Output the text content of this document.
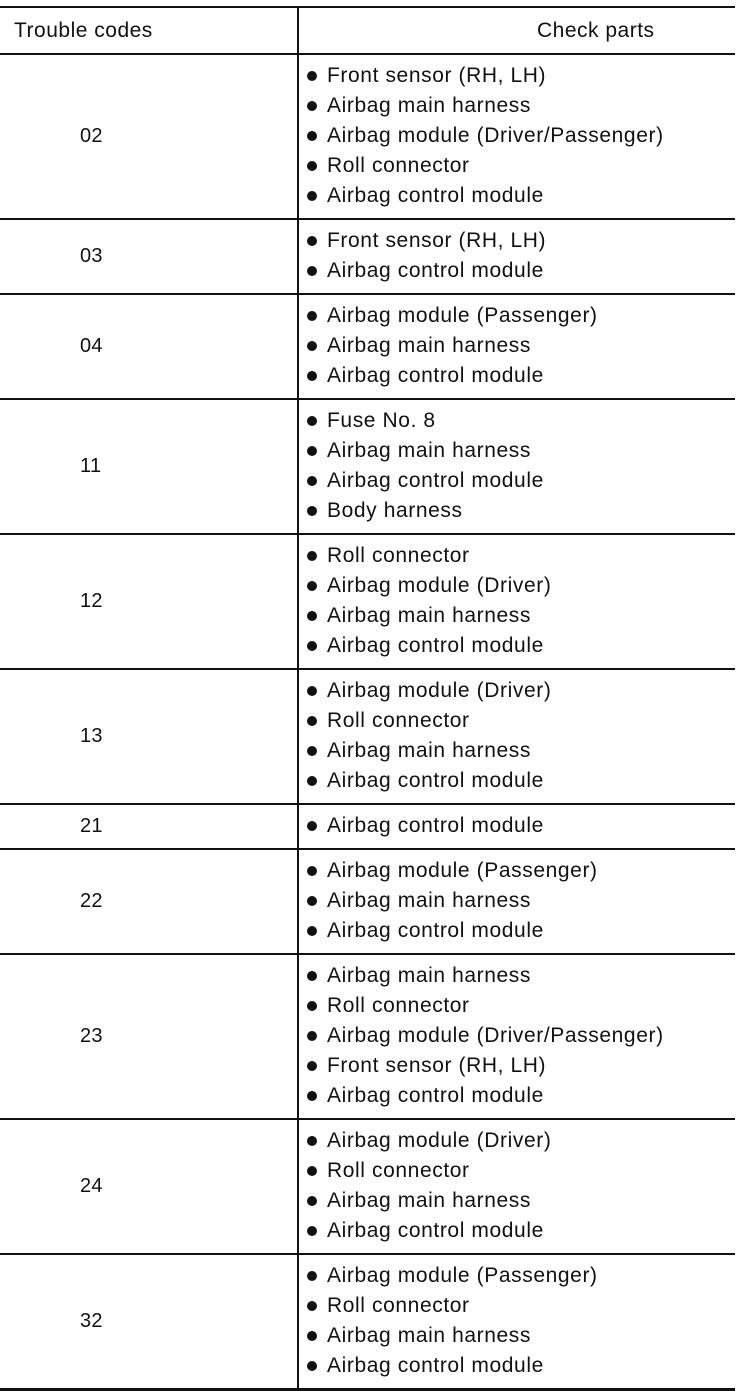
Trouble codes	Check parts
02
Front sensor (RH, LH)
Airbag main harness
Airbag module (Driver/Passenger)
Roll connector
Airbag control module
03
Front sensor (RH, LH)
Airbag control module
04
Airbag module (Passenger)
Airbag main harness
Airbag control module
11
Fuse No. 8
Airbag main harness
Airbag control module
Body harness
12
Roll connector
Airbag module (Driver)
Airbag main harness
Airbag control module
13
Airbag module (Driver)
Roll connector
Airbag main harness
Airbag control module
21	Airbag control module
22
Airbag module (Passenger)
Airbag main harness
Airbag control module
23
Airbag main harness
Roll connector
Airbag module (Driver/Passenger)
Front sensor (RH, LH)
Airbag control module
24
Airbag module (Driver)
Roll connector
Airbag main harness
Airbag control module
32
Airbag module (Passenger)
Roll connector
Airbag main harness
Airbag control module
